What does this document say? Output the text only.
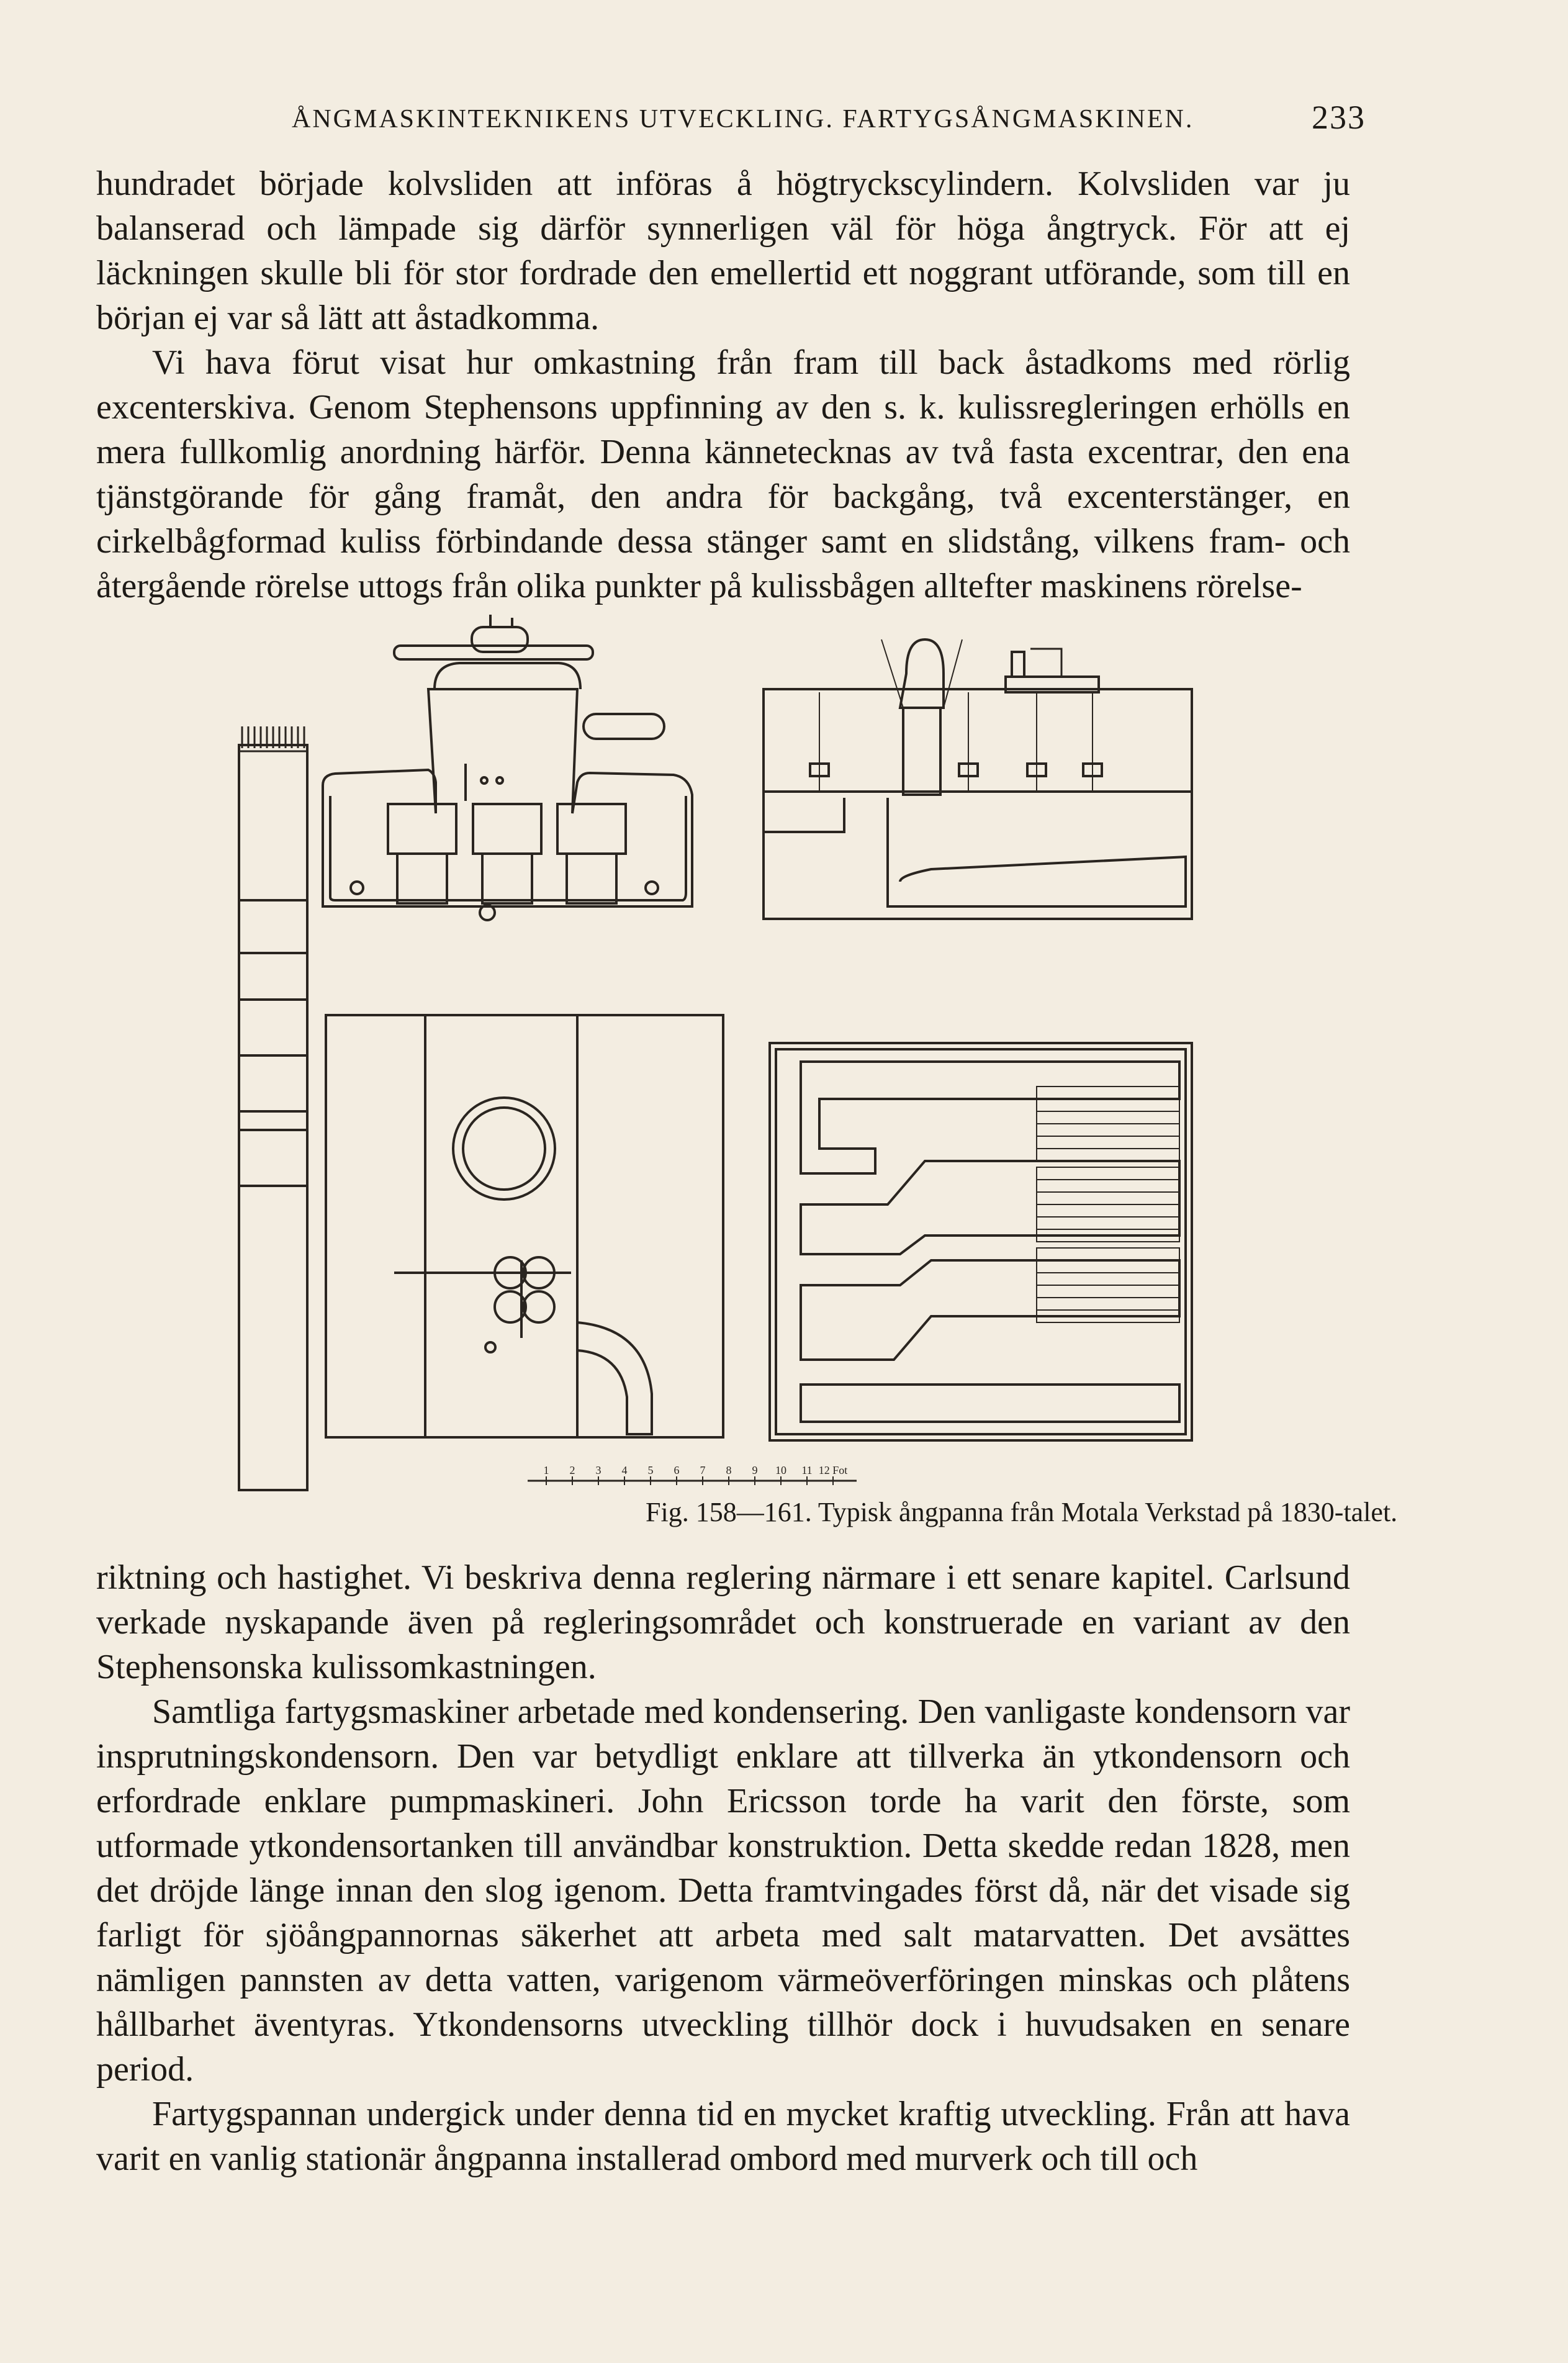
ÅNGMASKINTEKNIKENS UTVECKLING. FARTYGSÅNGMASKINEN.	233

hundradet började kolvsliden att införas å högtryckscylindern. Kolvsliden var ju balanserad och lämpade sig därför synnerligen väl för höga ångtryck. För att ej läckningen skulle bli för stor fordrade den emellertid ett noggrant utförande, som till en början ej var så lätt att åstadkomma.

Vi hava förut visat hur omkastning från fram till back åstadkoms med rörlig excenterskiva. Genom Stephensons uppfinning av den s. k. kulissregleringen erhölls en mera fullkomlig anordning härför. Denna kännetecknas av två fasta excentrar, den ena tjänstgörande för gång framåt, den andra för backgång, två excenterstänger, en cirkelbågformad kuliss förbindande dessa stänger samt en slidstång, vilkens fram- och återgående rörelse uttogs från olika punkter på kulissbågen alltefter maskinens rörelse-

1 2 3 4 5 6 7 8 9 10 11 12 Fot
Fig. 158—161. Typisk ångpanna från Motala Verkstad på 1830-talet.

riktning och hastighet. Vi beskriva denna reglering närmare i ett senare kapitel. Carlsund verkade nyskapande även på regleringsområdet och konstruerade en variant av den Stephensonska kulissomkastningen.

Samtliga fartygsmaskiner arbetade med kondensering. Den vanligaste kondensorn var insprutningskondensorn. Den var betydligt enklare att tillverka än ytkondensorn och erfordrade enklare pumpmaskineri. John Ericsson torde ha varit den förste, som utformade ytkondensortanken till användbar konstruktion. Detta skedde redan 1828, men det dröjde länge innan den slog igenom. Detta framtvingades först då, när det visade sig farligt för sjöångpannornas säkerhet att arbeta med salt matarvatten. Det avsättes nämligen pannsten av detta vatten, varigenom värmeöverföringen minskas och plåtens hållbarhet äventyras. Ytkondensorns utveckling tillhör dock i huvudsaken en senare period.

Fartygspannan undergick under denna tid en mycket kraftig utveckling. Från att hava varit en vanlig stationär ångpanna installerad ombord med murverk och till och
